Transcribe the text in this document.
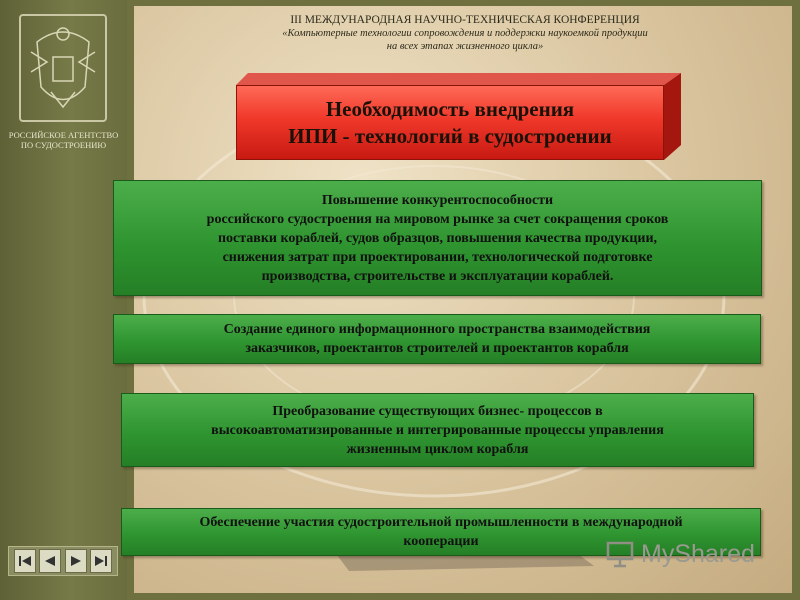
РОССИЙСКОЕ АГЕНТСТВО
ПО СУДОСТРОЕНИЮ
III МЕЖДУНАРОДНАЯ НАУЧНО-ТЕХНИЧЕСКАЯ КОНФЕРЕНЦИЯ
«Компьютерные технологии сопровождения и поддержки наукоемкой продукции
на всех этапах жизненного цикла»
Необходимость внедрения
ИПИ - технологий в судостроении
Повышение конкурентоспособности
российского судостроения на мировом рынке за счет сокращения сроков
поставки кораблей, судов образцов, повышения качества продукции,
снижения затрат при проектировании, технологической подготовке
производства, строительстве и эксплуатации кораблей.
Создание единого информационного пространства взаимодействия
заказчиков, проектантов строителей и проектантов корабля
Преобразование существующих бизнес- процессов в
высокоавтоматизированные и интегрированные процессы управления
жизненным циклом корабля
Обеспечение участия судостроительной промышленности в международной
кооперации	MyShared
